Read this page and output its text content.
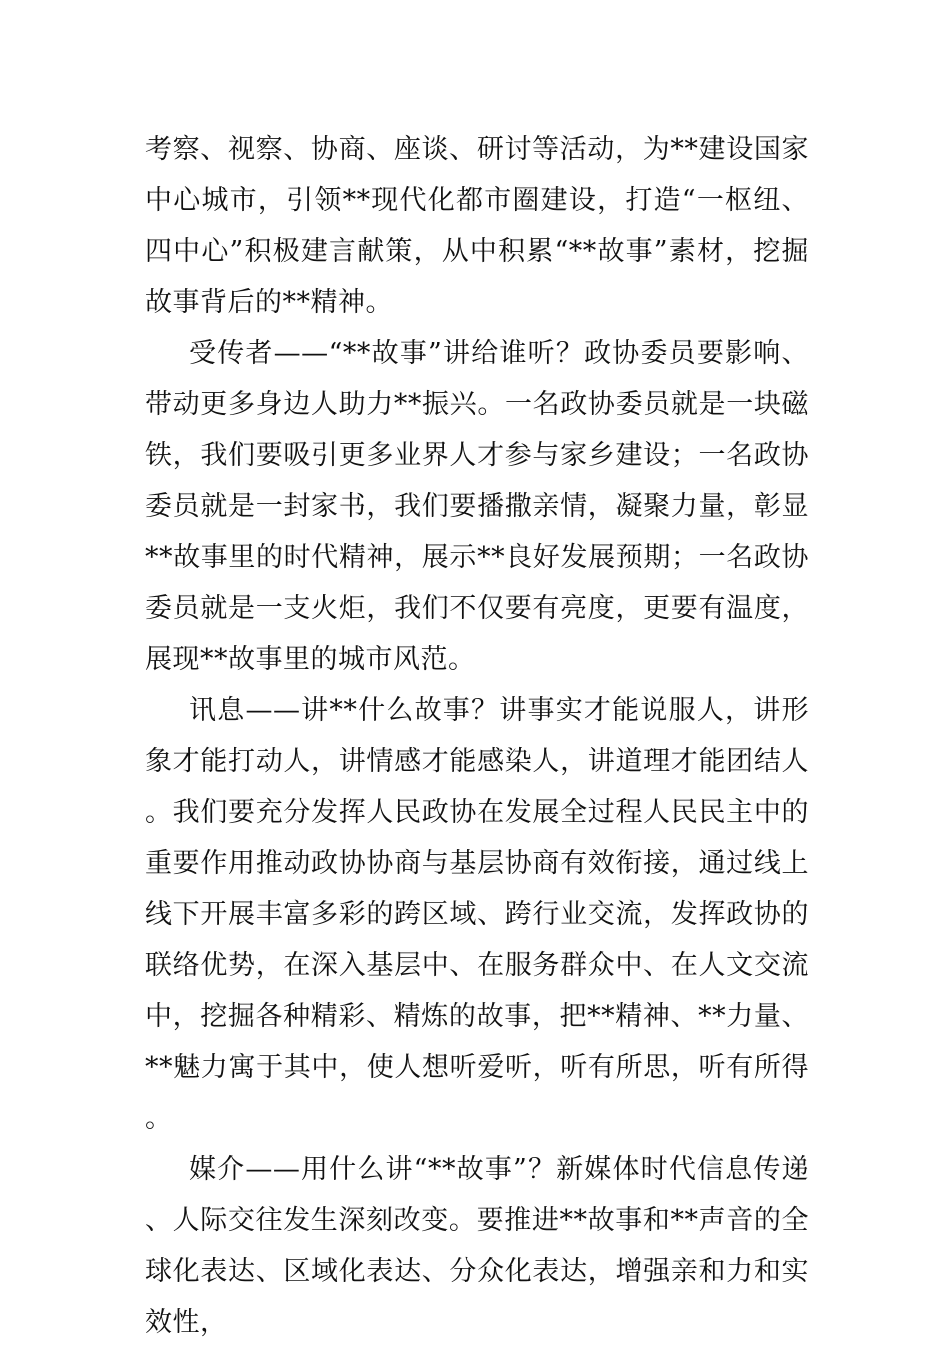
考察、视察、协商、座谈、研讨等活动，为**建设国家中心城市，引领**现代化都市圈建设，打造“一枢纽、四中心”积极建言献策，从中积累“**故事”素材，挖掘故事背后的**精神。

受传者——“**故事”讲给谁听？政协委员要影响、带动更多身边人助力**振兴。一名政协委员就是一块磁铁，我们要吸引更多业界人才参与家乡建设；一名政协委员就是一封家书，我们要播撒亲情，凝聚力量，彰显**故事里的时代精神，展示**良好发展预期；一名政协委员就是一支火炬，我们不仅要有亮度，更要有温度，展现**故事里的城市风范。

讯息——讲**什么故事？讲事实才能说服人，讲形象才能打动人，讲情感才能感染人，讲道理才能团结人。我们要充分发挥人民政协在发展全过程人民民主中的重要作用推动政协协商与基层协商有效衔接，通过线上线下开展丰富多彩的跨区域、跨行业交流，发挥政协的联络优势，在深入基层中、在服务群众中、在人文交流中，挖掘各种精彩、精炼的故事，把**精神、**力量、**魅力寓于其中，使人想听爱听，听有所思，听有所得。

媒介——用什么讲“**故事”？新媒体时代信息传递、人际交往发生深刻改变。要推进**故事和**声音的全球化表达、区域化表达、分众化表达，增强亲和力和实效性，
